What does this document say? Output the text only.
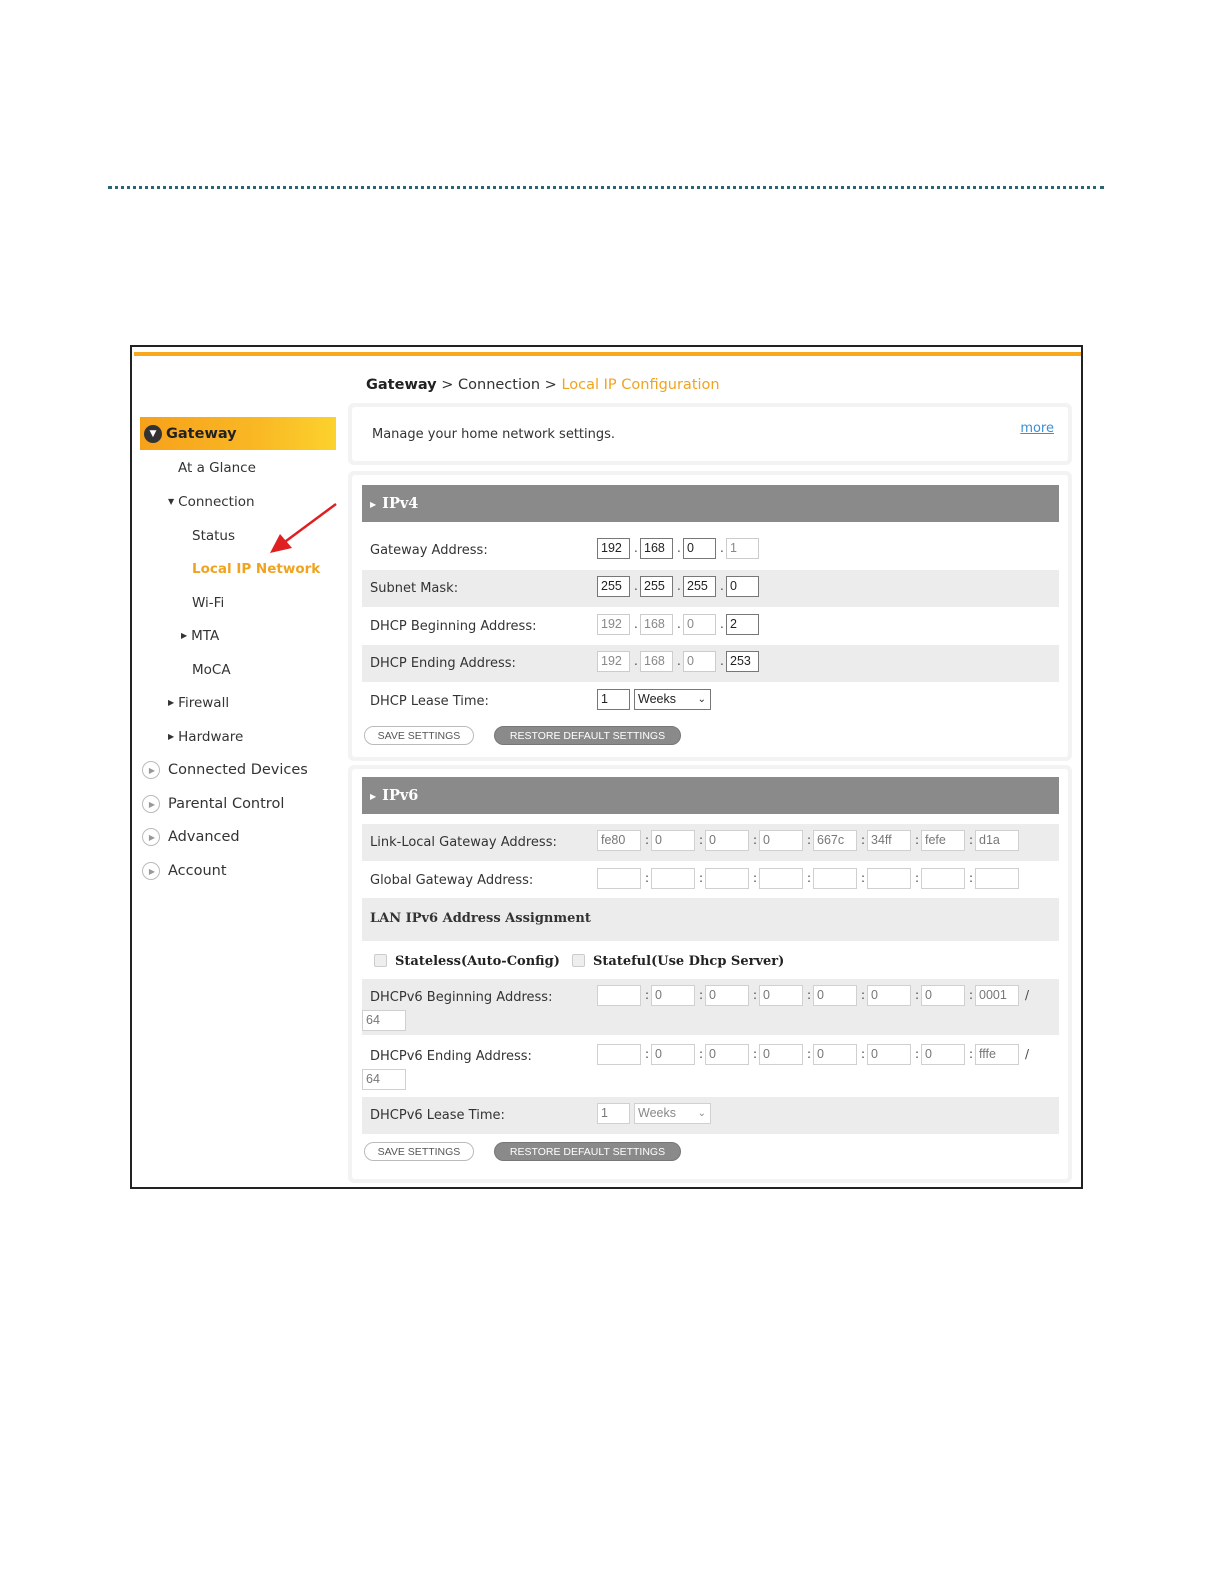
Gateway > Connection > Local IP Configuration
▼ Gateway
At a Glance
▼ Connection
Status
Local IP Network
Wi-Fi
▶ MTA
MoCA
▶ Firewall
▶ Hardware
▶ Connected Devices
▶ Parental Control
▶ Advanced
▶ Account
Manage your home network settings.	more
▶ IPv4
Gateway Address:	192	. 168	. 0	. 1
Subnet Mask:	255	. 255	. 255	. 0
DHCP Beginning Address:	192	. 168	. 0	. 2
DHCP Ending Address:	192	. 168	. 0	. 253
DHCP Lease Time:	1	Weeks ⌄
SAVE SETTINGS	RESTORE DEFAULT SETTINGS
▶ IPv6
Link-Local Gateway Address:	fe80	: 0	: 0	: 0	: 667c	: 34ff	: fefe	: d1a
Global Gateway Address:	:	:	:	:	:	:	:
LAN IPv6 Address Assignment
Stateless(Auto-Config)	Stateful(Use Dhcp Server)
DHCPv6 Beginning Address:	: 0	: 0	: 0	: 0	: 0	: 0	: 0001	/
64
DHCPv6 Ending Address:	: 0	: 0	: 0	: 0	: 0	: 0	: fffe	/
64
DHCPv6 Lease Time:	1	Weeks ⌄
SAVE SETTINGS	RESTORE DEFAULT SETTINGS
